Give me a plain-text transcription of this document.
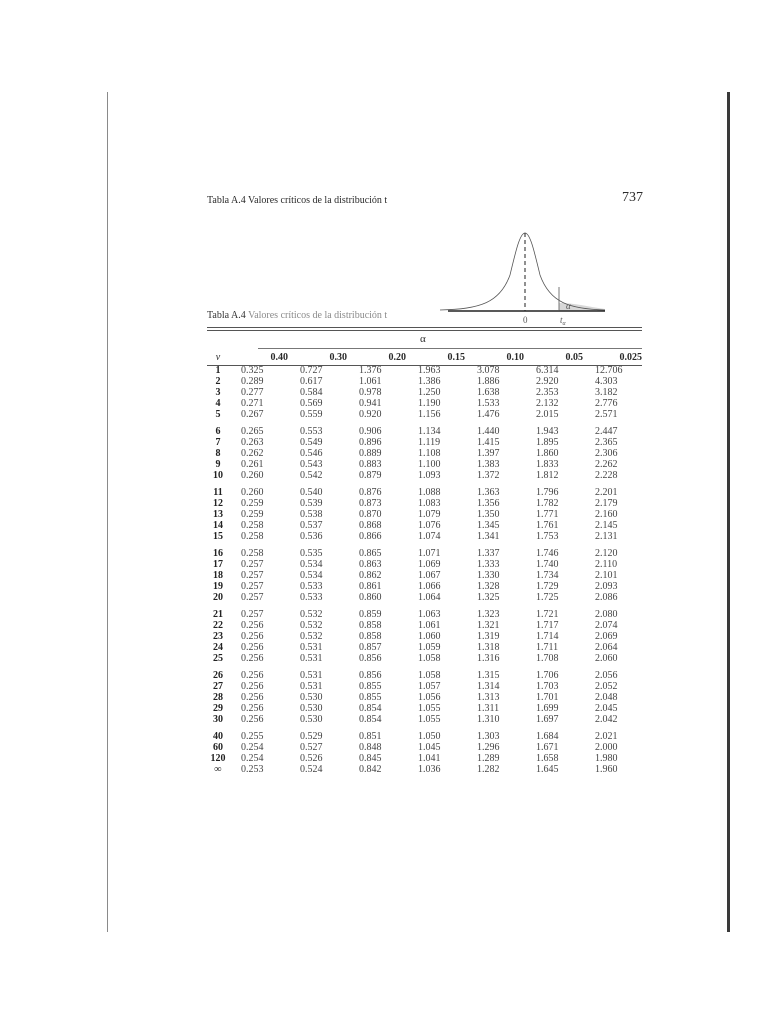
Tabla A.4 Valores críticos de la distribución t	737
α
0	$t_\alpha$
Tabla A.4 Valores críticos de la distribución t
α
v	0.40	0.30	0.20	0.15	0.10	0.05	0.025
1	0.325	0.727	1.376	1.963	3.078	6.314	12.706
2	0.289	0.617	1.061	1.386	1.886	2.920	4.303
3	0.277	0.584	0.978	1.250	1.638	2.353	3.182
4	0.271	0.569	0.941	1.190	1.533	2.132	2.776
5	0.267	0.559	0.920	1.156	1.476	2.015	2.571

6	0.265	0.553	0.906	1.134	1.440	1.943	2.447
7	0.263	0.549	0.896	1.119	1.415	1.895	2.365
8	0.262	0.546	0.889	1.108	1.397	1.860	2.306
9	0.261	0.543	0.883	1.100	1.383	1.833	2.262
10	0.260	0.542	0.879	1.093	1.372	1.812	2.228

11	0.260	0.540	0.876	1.088	1.363	1.796	2.201
12	0.259	0.539	0.873	1.083	1.356	1.782	2.179
13	0.259	0.538	0.870	1.079	1.350	1.771	2.160
14	0.258	0.537	0.868	1.076	1.345	1.761	2.145
15	0.258	0.536	0.866	1.074	1.341	1.753	2.131

16	0.258	0.535	0.865	1.071	1.337	1.746	2.120
17	0.257	0.534	0.863	1.069	1.333	1.740	2.110
18	0.257	0.534	0.862	1.067	1.330	1.734	2.101
19	0.257	0.533	0.861	1.066	1.328	1.729	2.093
20	0.257	0.533	0.860	1.064	1.325	1.725	2.086

21	0.257	0.532	0.859	1.063	1.323	1.721	2.080
22	0.256	0.532	0.858	1.061	1.321	1.717	2.074
23	0.256	0.532	0.858	1.060	1.319	1.714	2.069
24	0.256	0.531	0.857	1.059	1.318	1.711	2.064
25	0.256	0.531	0.856	1.058	1.316	1.708	2.060

26	0.256	0.531	0.856	1.058	1.315	1.706	2.056
27	0.256	0.531	0.855	1.057	1.314	1.703	2.052
28	0.256	0.530	0.855	1.056	1.313	1.701	2.048
29	0.256	0.530	0.854	1.055	1.311	1.699	2.045
30	0.256	0.530	0.854	1.055	1.310	1.697	2.042

40	0.255	0.529	0.851	1.050	1.303	1.684	2.021
60	0.254	0.527	0.848	1.045	1.296	1.671	2.000
120	0.254	0.526	0.845	1.041	1.289	1.658	1.980
∞	0.253	0.524	0.842	1.036	1.282	1.645	1.960
